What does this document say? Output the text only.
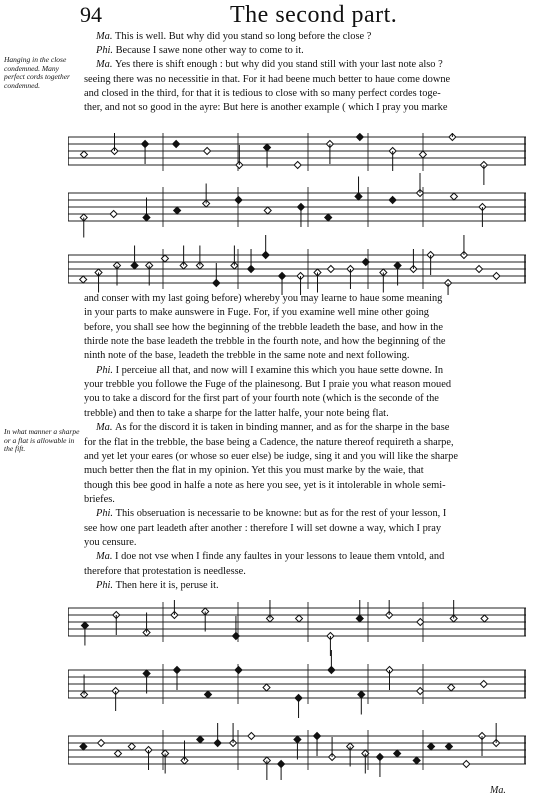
94	The second part.
Hanging in the close condemned. Many perfect cords together condemned.
In what manner a sharpe or a flat is allowable in the fift.
Ma. This is well. But why did you stand so long before the close ?
Phi. Because I sawe none other way to come to it.
Ma. Yes there is shift enough : but why did you stand still with your last note also ?
seeing there was no necessitie in that. For it had beene much better to haue come downe
and closed in the third, for that it is tedious to close with so many perfect cordes toge-
ther, and not so good in the ayre: But here is another example ( which I pray you marke
and conser with my last going before) whereby you may learne to haue some meaning
in your parts to make aunswere in Fuge. For, if you examine well mine other going
before, you shall see how the beginning of the trebble leadeth the base, and how in the
thirde note the base leadeth the trebble in the fourth note, and how the beginning of the
ninth note of the base, leadeth the trebble in the same note and next following.
Phi. I perceiue all that, and now will I examine this which you haue sette downe. In
your trebble you followe the Fuge of the plainesong. But I praie you what reason moued
you to take a discord for the first part of your fourth note (which is the seconde of the
trebble) and then to take a sharpe for the latter halfe, your note being flat.
Ma. As for the discord it is taken in binding manner, and as for the sharpe in the base
for the flat in the trebble, the base being a Cadence, the nature thereof requireth a sharpe,
and yet let your eares (or whose so euer else) be iudge, sing it and you will like the sharpe
much better then the flat in my opinion. Yet this you must marke by the waie, that
though this bee good in halfe a note as here you see, yet is it intolerable in whole semi-
briefes.
Phi. This obseruation is necessarie to be knowne: but as for the rest of your lesson, I
see how one part leadeth after another : therefore I will set downe a way, which I pray
you censure.
Ma. I doe not vse when I finde any faultes in your lessons to leaue them vntold, and
therefore that protestation is needlesse.
Phi. Then here it is, peruse it.
Ma.
